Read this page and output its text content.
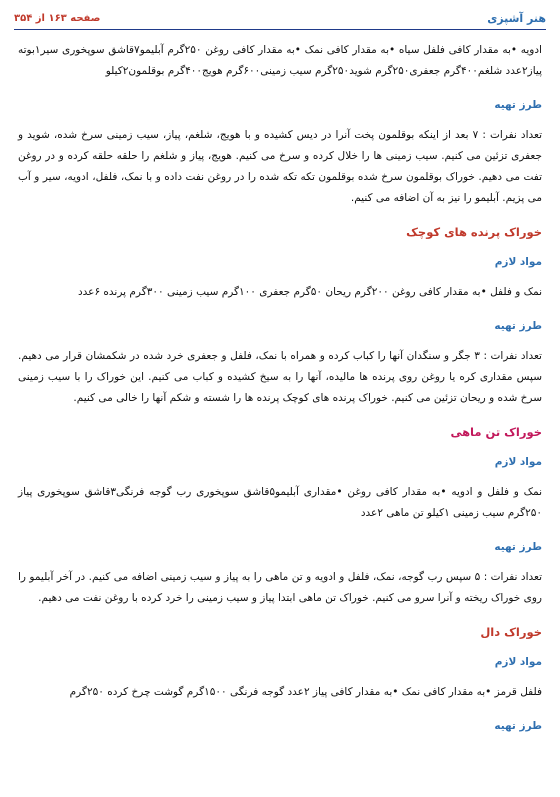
هنر آشپزی
صفحه ۱۶۳ از ۳۵۴

ادویه •به مقدار کافی فلفل سیاه •به مقدار کافی نمک •به مقدار کافی روغن ۲۵۰گرم آبلیمو۷قاشق سوپخوری سیر۱بوته پیاز۲عدد شلغم۴۰۰گرم جعفری۲۵۰گرم شوید۲۵۰گرم سیب زمینی۶۰۰گرم هویج۴۰۰گرم بوقلمون۲کیلو

طرز تهیه

تعداد نفرات : ۷ بعد از اینکه بوقلمون پخت آنرا در دیس کشیده و با هویج، شلغم، پیاز، سیب زمینی سرخ شده، شوید و جعفری تزئین می کنیم. سیب زمینی ها را خلال کرده و سرخ می کنیم. هویج، پیاز و شلغم را حلقه حلقه کرده و در روغن تفت می دهیم. خوراک بوقلمون سرخ شده بوقلمون تکه تکه شده را در روغن نفت داده و با نمک، فلفل، ادویه، سیر و آب می پزیم. آبلیمو را نیز به آن اضافه می کنیم.

خوراک پرنده های کوچک
مواد لازم

نمک و فلفل •به مقدار کافی روغن ۲۰۰گرم ریحان ۵۰گرم جعفری ۱۰۰گرم سیب زمینی ۳۰۰گرم پرنده ۶عدد

طرز تهیه

تعداد نفرات : ۳ جگر و سنگدان آنها را کباب کرده و همراه با نمک، فلفل و جعفری خرد شده در شکمشان قرار می دهیم. سپس مقداری کره یا روغن روی پرنده ها مالیده، آنها را به سیخ کشیده و کباب می کنیم. این خوراک را با سیب زمینی سرخ شده و ریحان تزئین می کنیم. خوراک پرنده های کوچک پرنده ها را شسته و شکم آنها را خالی می کنیم.

خوراک تن ماهی
مواد لازم

نمک و فلفل و ادویه •به مقدار کافی روغن •مقداری آبلیمو۵قاشق سوپخوری رب گوجه فرنگی۳قاشق سوپخوری پیاز ۲۵۰گرم سیب زمینی ۱کیلو تن ماهی ۲عدد

طرز تهیه

تعداد نفرات : ۵ سپس رب گوجه، نمک، فلفل و ادویه و تن ماهی را به پیاز و سیب زمینی اضافه می کنیم. در آخر آبلیمو را روی خوراک ریخته و آنرا سرو می کنیم. خوراک تن ماهی ابتدا پیاز و سیب زمینی را خرد کرده با روغن نفت می دهیم.

خوراک دال
مواد لازم

فلفل قرمز •به مقدار کافی نمک •به مقدار کافی پیاز ۲عدد گوجه فرنگی ۱۵۰۰گرم گوشت چرخ کرده ۲۵۰گرم

طرز تهیه
